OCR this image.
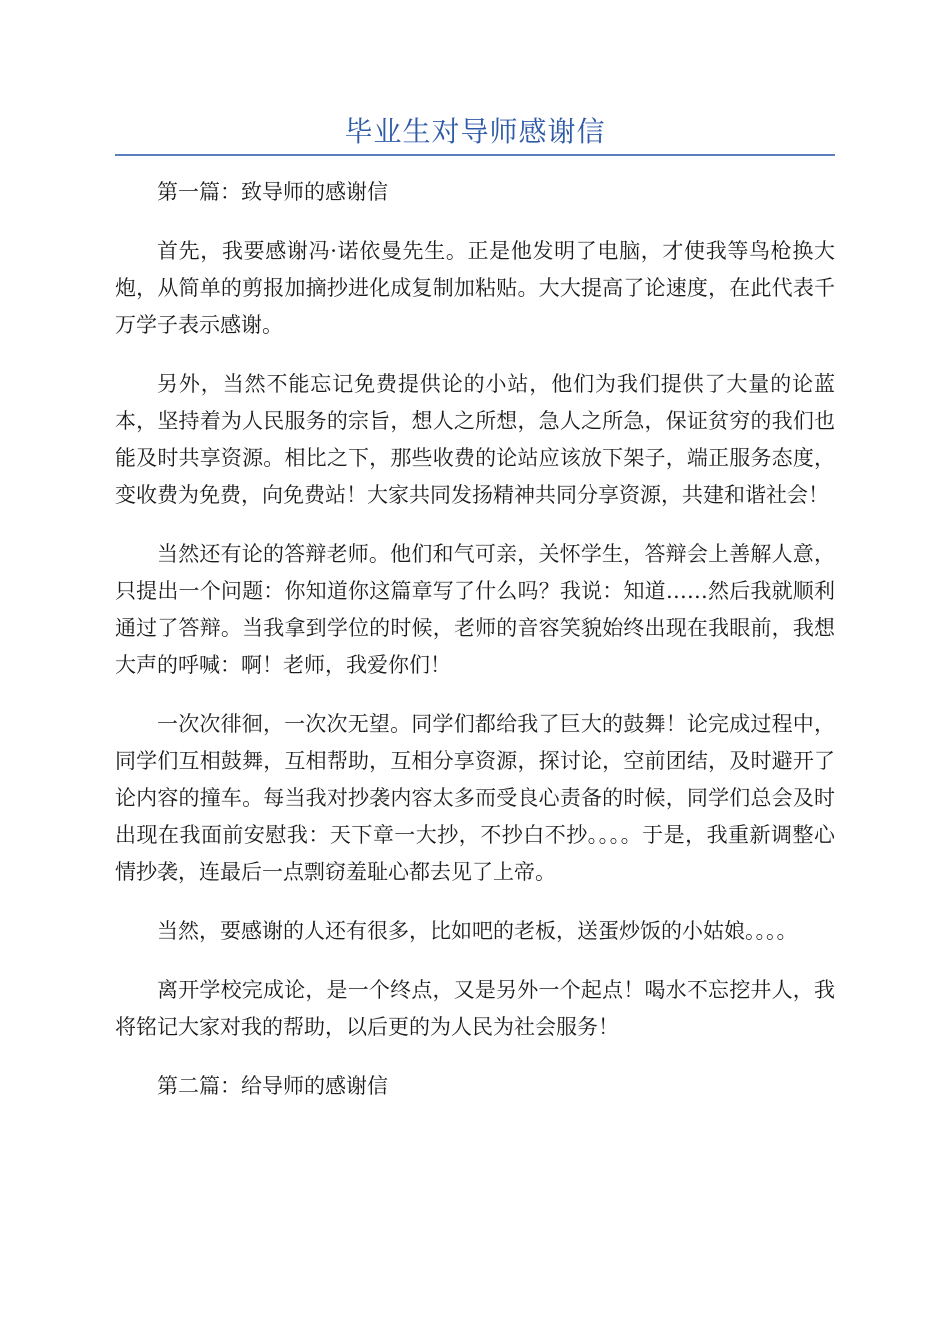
毕业生对导师感谢信

第一篇：致导师的感谢信

首先，我要感谢冯·诺依曼先生。正是他发明了电脑，才使我等鸟枪换大炮，从简单的剪报加摘抄进化成复制加粘贴。大大提高了论速度，在此代表千万学子表示感谢。

另外，当然不能忘记免费提供论的小站，他们为我们提供了大量的论蓝本，坚持着为人民服务的宗旨，想人之所想，急人之所急，保证贫穷的我们也能及时共享资源。相比之下，那些收费的论站应该放下架子，端正服务态度，变收费为免费，向免费站！大家共同发扬精神共同分享资源，共建和谐社会！

当然还有论的答辩老师。他们和气可亲，关怀学生，答辩会上善解人意，只提出一个问题：你知道你这篇章写了什么吗？我说：知道……然后我就顺利通过了答辩。当我拿到学位的时候，老师的音容笑貌始终出现在我眼前，我想大声的呼喊：啊！老师，我爱你们！

一次次徘徊，一次次无望。同学们都给我了巨大的鼓舞！论完成过程中，同学们互相鼓舞，互相帮助，互相分享资源，探讨论，空前团结，及时避开了论内容的撞车。每当我对抄袭内容太多而受良心责备的时候，同学们总会及时出现在我面前安慰我：天下章一大抄，不抄白不抄。。。。于是，我重新调整心情抄袭，连最后一点剽窃羞耻心都去见了上帝。

当然，要感谢的人还有很多，比如吧的老板，送蛋炒饭的小姑娘。。。。

离开学校完成论，是一个终点，又是另外一个起点！喝水不忘挖井人，我将铭记大家对我的帮助，以后更的为人民为社会服务！

第二篇：给导师的感谢信
